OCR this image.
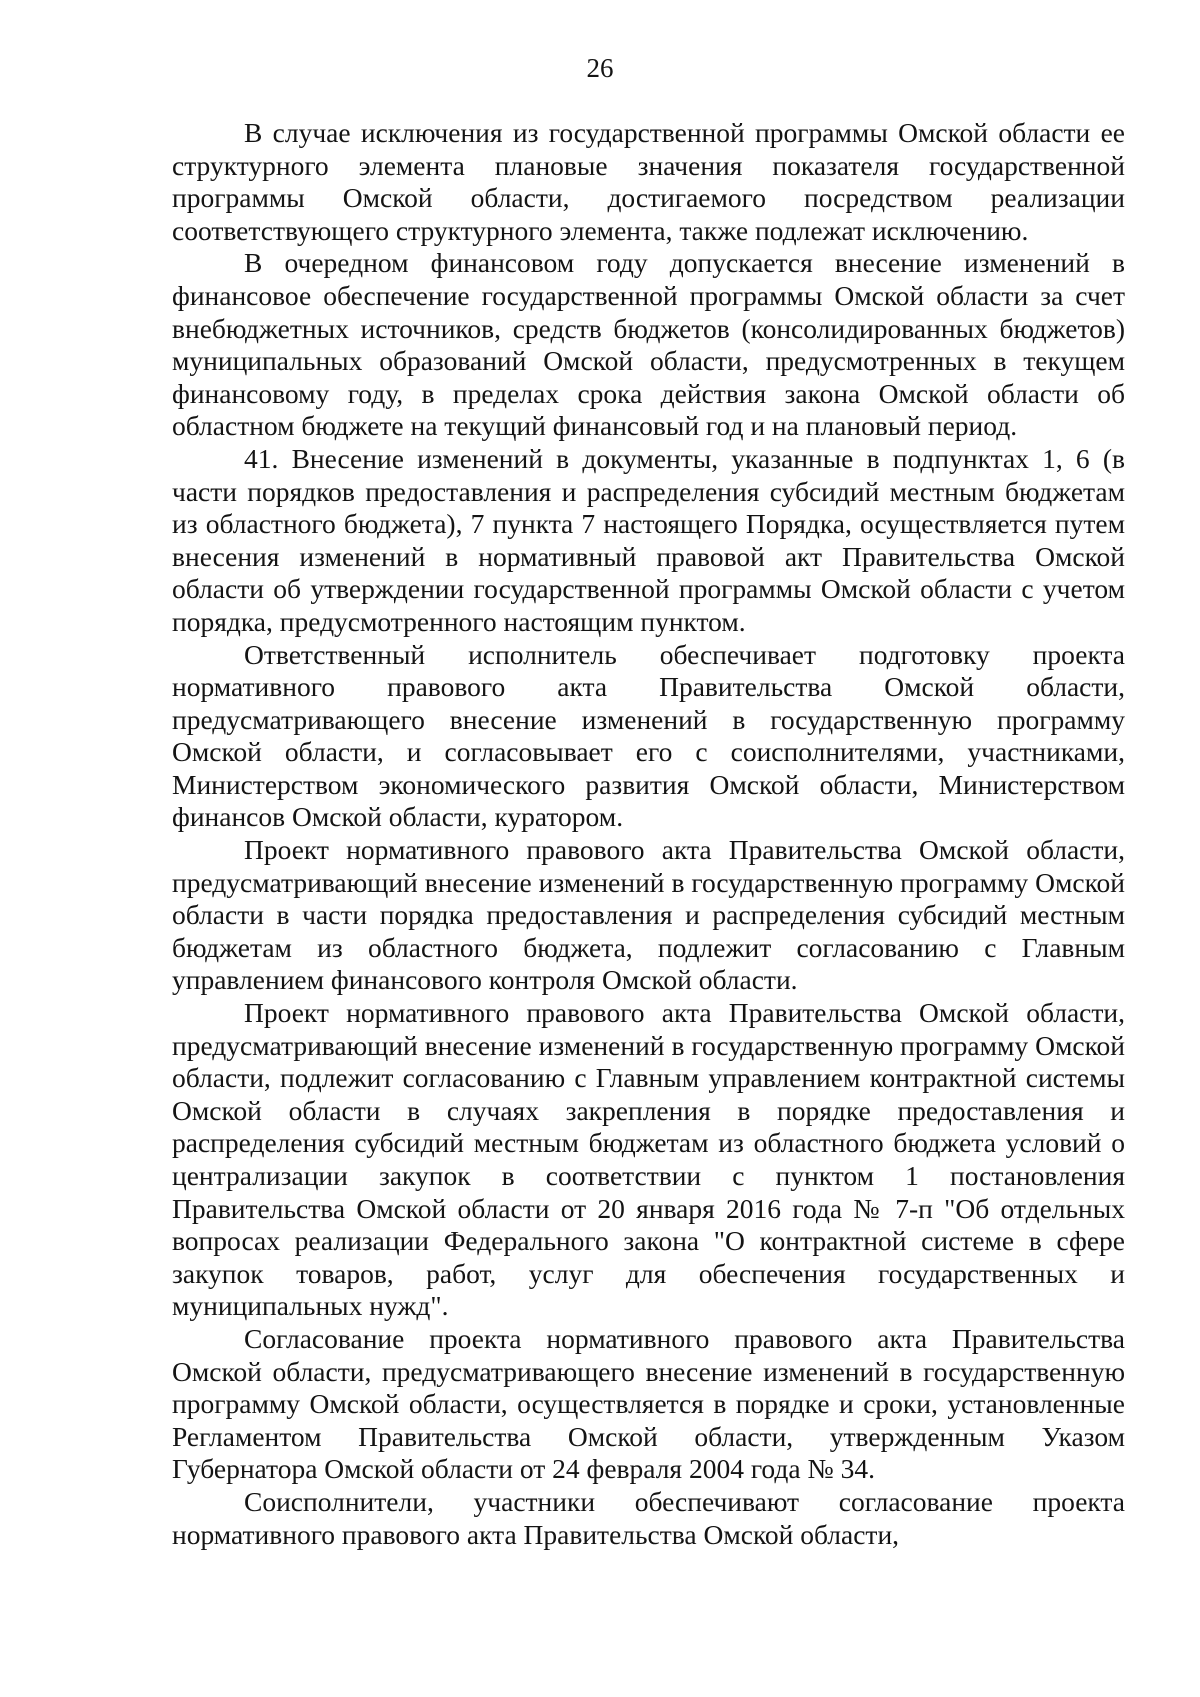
26

В случае исключения из государственной программы Омской области ее структурного элемента плановые значения показателя государственной программы Омской области, достигаемого посредством реализации соответствующего структурного элемента, также подлежат исключению.

В очередном финансовом году допускается внесение изменений в финансовое обеспечение государственной программы Омской области за счет внебюджетных источников, средств бюджетов (консолидированных бюджетов) муниципальных образований Омской области, предусмотренных в текущем финансовому году, в пределах срока действия закона Омской области об областном бюджете на текущий финансовый год и на плановый период.

41. Внесение изменений в документы, указанные в подпунктах 1, 6 (в части порядков предоставления и распределения субсидий местным бюджетам из областного бюджета), 7 пункта 7 настоящего Порядка, осуществляется путем внесения изменений в нормативный правовой акт Правительства Омской области об утверждении государственной программы Омской области с учетом порядка, предусмотренного настоящим пунктом.

Ответственный исполнитель обеспечивает подготовку проекта нормативного правового акта Правительства Омской области, предусматривающего внесение изменений в государственную программу Омской области, и согласовывает его с соисполнителями, участниками, Министерством экономического развития Омской области, Министерством финансов Омской области, куратором.

Проект нормативного правового акта Правительства Омской области, предусматривающий внесение изменений в государственную программу Омской области в части порядка предоставления и распределения субсидий местным бюджетам из областного бюджета, подлежит согласованию с Главным управлением финансового контроля Омской области.

Проект нормативного правового акта Правительства Омской области, предусматривающий внесение изменений в государственную программу Омской области, подлежит согласованию с Главным управлением контрактной системы Омской области в случаях закрепления в порядке предоставления и распределения субсидий местным бюджетам из областного бюджета условий о централизации закупок в соответствии с пунктом 1 постановления Правительства Омской области от 20 января 2016 года № 7-п "Об отдельных вопросах реализации Федерального закона "О контрактной системе в сфере закупок товаров, работ, услуг для обеспечения государственных и муниципальных нужд".

Согласование проекта нормативного правового акта Правительства Омской области, предусматривающего внесение изменений в государственную программу Омской области, осуществляется в порядке и сроки, установленные Регламентом Правительства Омской области, утвержденным Указом Губернатора Омской области от 24 февраля 2004 года № 34.

Соисполнители, участники обеспечивают согласование проекта нормативного правового акта Правительства Омской области,
